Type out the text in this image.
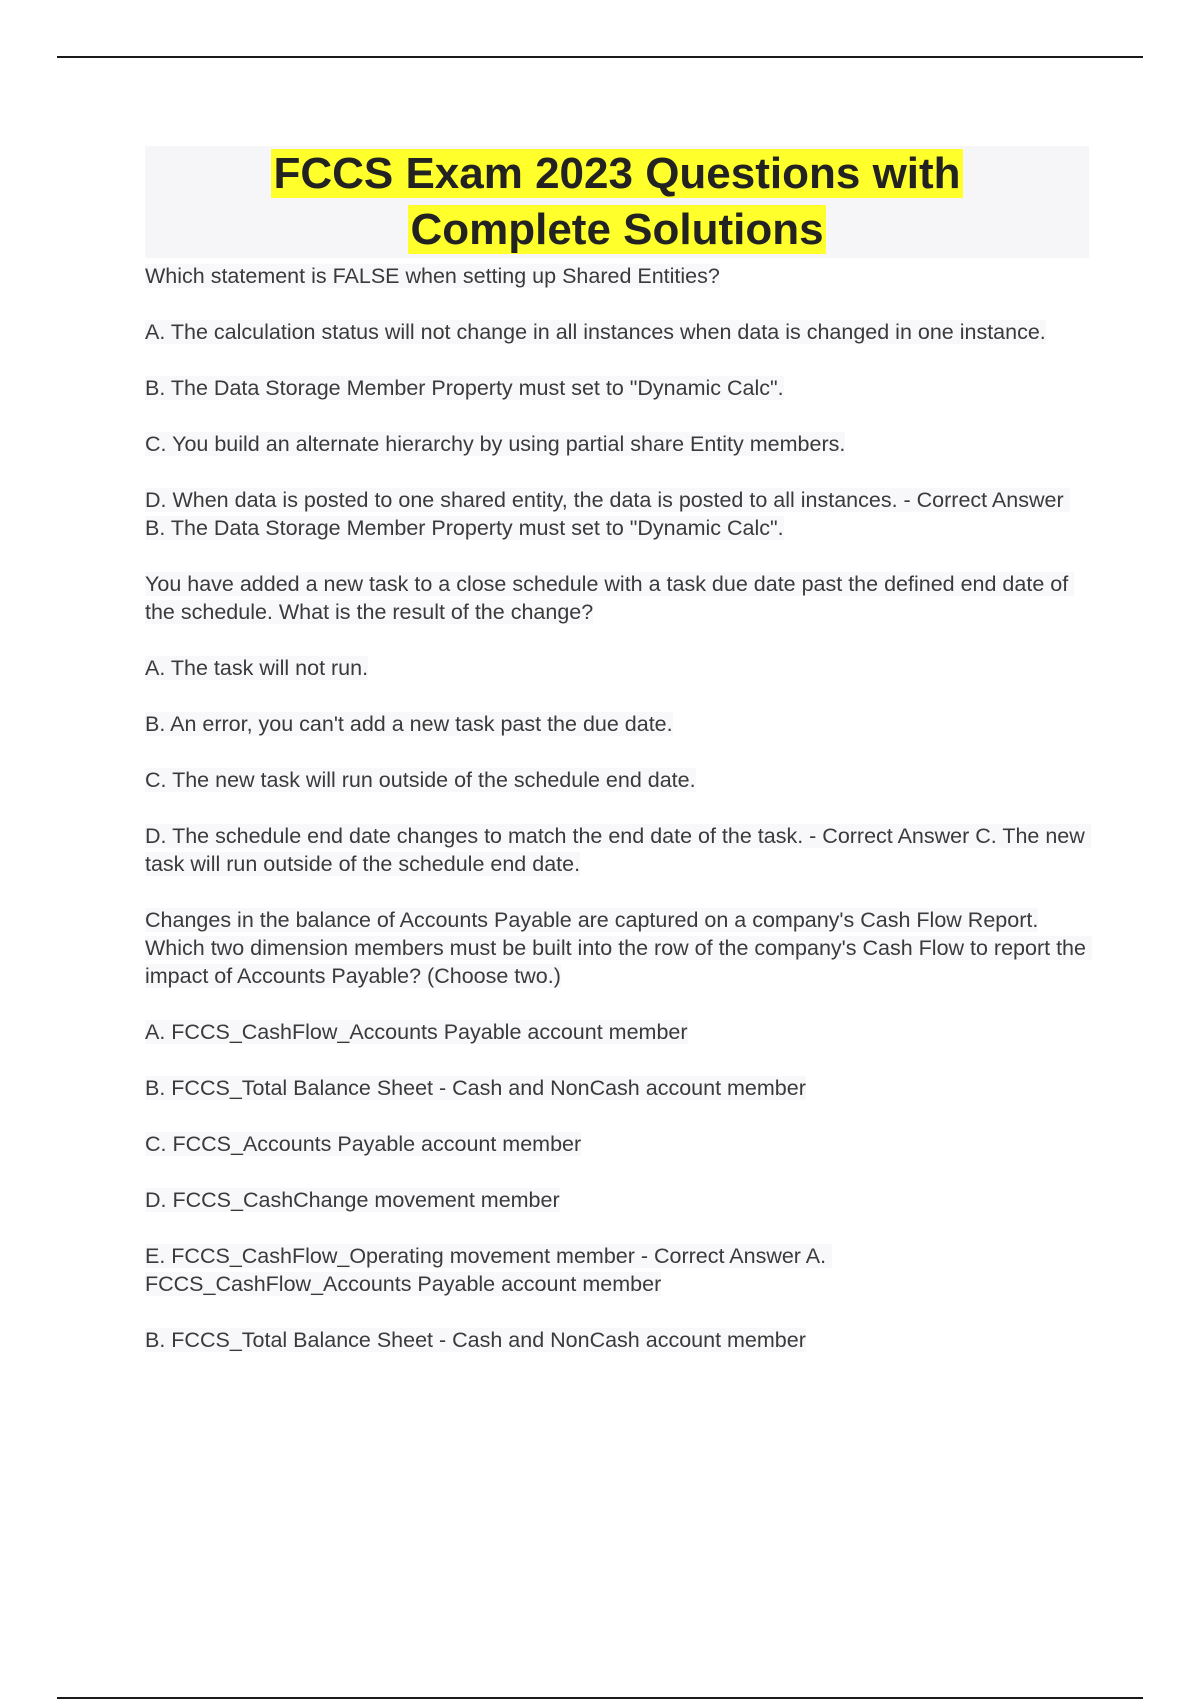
FCCS Exam 2023 Questions with
Complete Solutions

Which statement is FALSE when setting up Shared Entities?

A. The calculation status will not change in all instances when data is changed in one instance.

B. The Data Storage Member Property must set to "Dynamic Calc".

C. You build an alternate hierarchy by using partial share Entity members.

D. When data is posted to one shared entity, the data is posted to all instances. - Correct Answer B. The Data Storage Member Property must set to "Dynamic Calc".

You have added a new task to a close schedule with a task due date past the defined end date of the schedule. What is the result of the change?

A. The task will not run.

B. An error, you can't add a new task past the due date.

C. The new task will run outside of the schedule end date.

D. The schedule end date changes to match the end date of the task. - Correct Answer C. The new task will run outside of the schedule end date.

Changes in the balance of Accounts Payable are captured on a company's Cash Flow Report.

Which two dimension members must be built into the row of the company's Cash Flow to report the impact of Accounts Payable? (Choose two.)

A. FCCS_CashFlow_Accounts Payable account member

B. FCCS_Total Balance Sheet - Cash and NonCash account member

C. FCCS_Accounts Payable account member

D. FCCS_CashChange movement member

E. FCCS_CashFlow_Operating movement member - Correct Answer A. FCCS_CashFlow_Accounts Payable account member

B. FCCS_Total Balance Sheet - Cash and NonCash account member
